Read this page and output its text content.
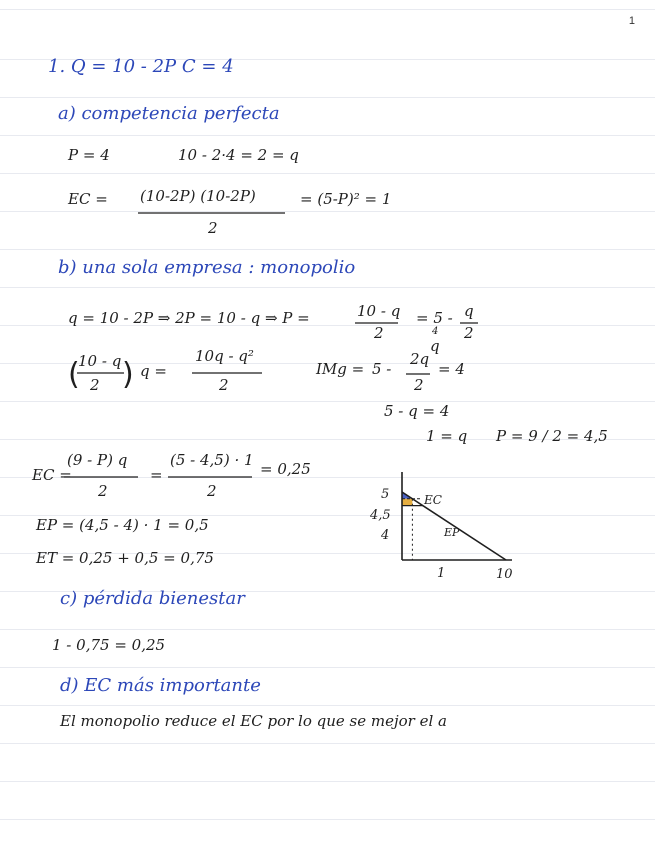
1
1. Q = 10 - 2P C = 4
a) competencia perfecta
P = 4	10 - 2·4 = 2 = q
EC = (10-2P) (10-2P)
2
= (5-P)² = 1
b) una sola empresa : monopolio
q = 10 - 2P ⇒ 2P = 10 - q ⇒ P =	10 - q
2
= 5 - q
2
4
q
(
10 - q
2 ) q =
10q - q²
2
IMg = 5 -
2q
2
= 4
5 - q = 4
1 = q P = 9 / 2 = 4,5
EC =
(9 - P) q
2
=
(5 - 4,5) · 1
2
= 0,25
EP = (4,5 - 4) · 1 = 0,5
ET = 0,25 + 0,5 = 0,75
5
4,5
4
1	10
EC
EP
c) pérdida bienestar
1 - 0,75 = 0,25
d) EC más importante
El monopolio reduce el EC por lo que se mejor el a
